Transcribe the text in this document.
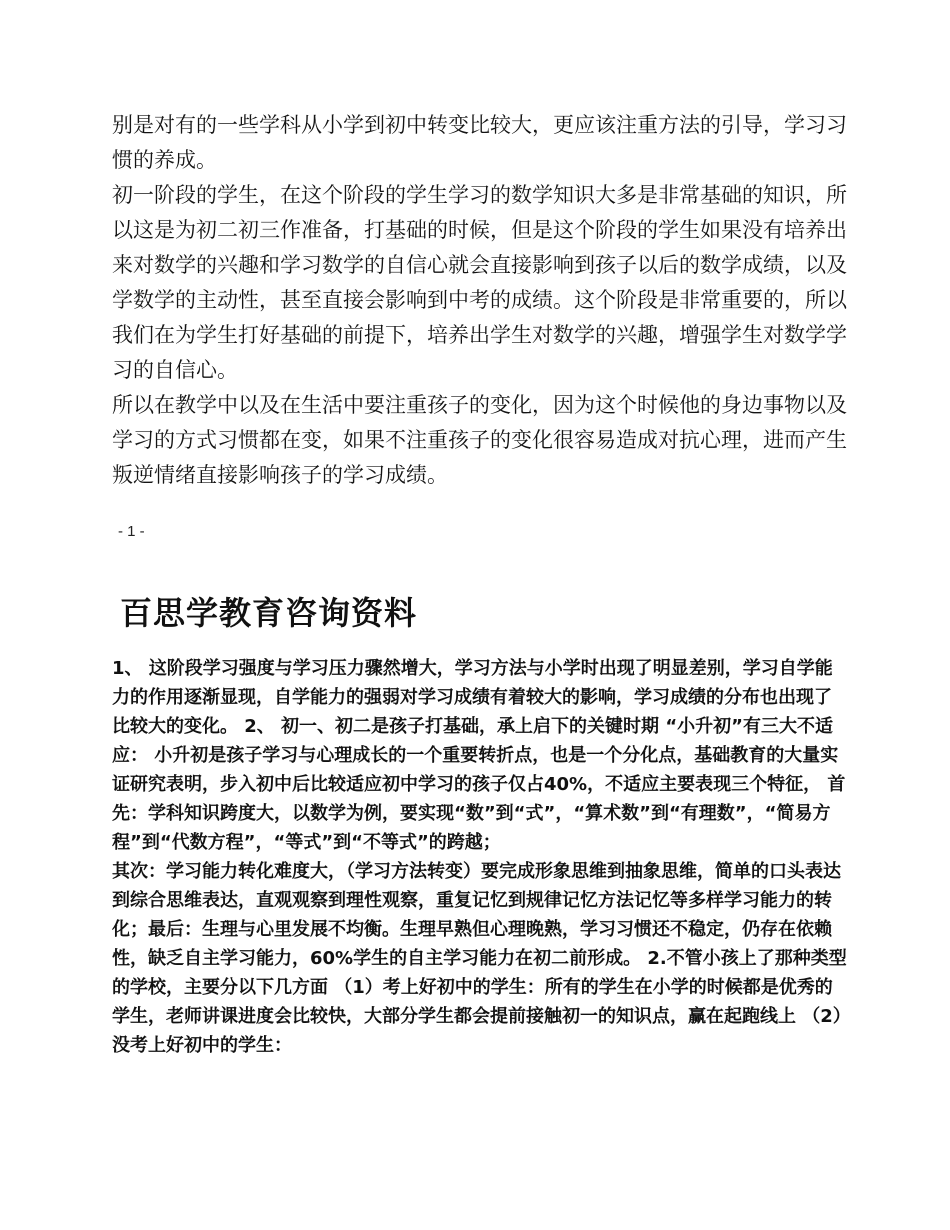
别是对有的一些学科从小学到初中转变比较大，更应该注重方法的引导，学习习惯的养成。

初一阶段的学生，在这个阶段的学生学习的数学知识大多是非常基础的知识，所以这是为初二初三作准备，打基础的时候，但是这个阶段的学生如果没有培养出来对数学的兴趣和学习数学的自信心就会直接影响到孩子以后的数学成绩，以及学数学的主动性，甚至直接会影响到中考的成绩。这个阶段是非常重要的，所以我们在为学生打好基础的前提下，培养出学生对数学的兴趣，增强学生对数学学习的自信心。

所以在教学中以及在生活中要注重孩子的变化，因为这个时候他的身边事物以及学习的方式习惯都在变，如果不注重孩子的变化很容易造成对抗心理，进而产生叛逆情绪直接影响孩子的学习成绩。

- 1 -
百思学教育咨询资料

1、 这阶段学习强度与学习压力骤然增大，学习方法与小学时出现了明显差别，学习自学能力的作用逐渐显现，自学能力的强弱对学习成绩有着较大的影响，学习成绩的分布也出现了比较大的变化。 2、 初一、初二是孩子打基础，承上启下的关键时期 “小升初”有三大不适应： 小升初是孩子学习与心理成长的一个重要转折点，也是一个分化点，基础教育的大量实证研究表明，步入初中后比较适应初中学习的孩子仅占40%，不适应主要表现三个特征， 首先：学科知识跨度大，以数学为例，要实现“数”到“式”，“算术数”到“有理数”，“简易方程”到“代数方程”，“等式”到“不等式”的跨越；

其次：学习能力转化难度大，（学习方法转变）要完成形象思维到抽象思维，简单的口头表达到综合思维表达，直观观察到理性观察，重复记忆到规律记忆方法记忆等多样学习能力的转化；最后：生理与心里发展不均衡。生理早熟但心理晚熟，学习习惯还不稳定，仍存在依赖性，缺乏自主学习能力，60%学生的自主学习能力在初二前形成。 2.不管小孩上了那种类型的学校，主要分以下几方面 （1）考上好初中的学生：所有的学生在小学的时候都是优秀的学生，老师讲课进度会比较快，大部分学生都会提前接触初一的知识点，赢在起跑线上 （2）没考上好初中的学生：
